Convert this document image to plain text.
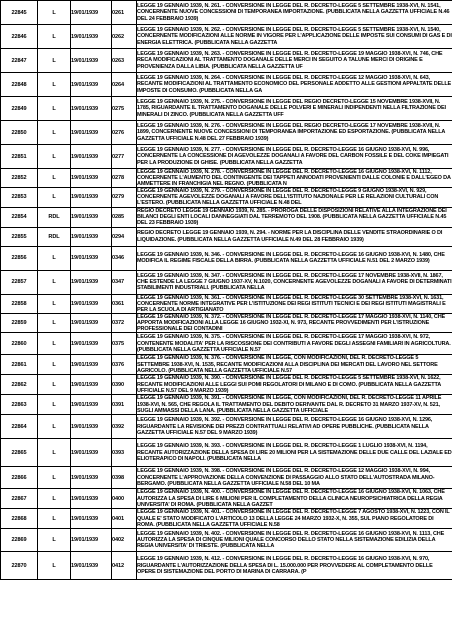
22845	L	19/01/1939	0261	LEGGE 19 GENNAIO 1939, N. 261. - CONVERSIONE IN LEGGE DEL R. DECRETO-LEGGE 5 SETTEMBRE 1938-XVI, N. 1541, CONCERNENTE NUOVE CONCESSIONI DI TEMPORANEA IMPORTAZIONE. (PUBBLICATA NELLA GAZZETTA UFFICIALE N.46 DEL 24 FEBBRAIO 1939)
22846	L	19/01/1939	0262	LEGGE 19 GENNAIO 1939, N. 262. - CONVERSIONE IN LEGGE DEL R. DECRETO-LEGGE 5 SETTEMBRE 1938-XVI, N. 1540, CONCERNENTE MODIFICAZIONI ALLE NORME IN VIGORE PER L'APPLICAZIONE DELLE IMPOSTE SUI CONSUMI DI GAS E DI ENERGIA ELETTRICA. (PUBBLICATA NELLA GAZZETTA
22847	L	19/01/1939	0263	LEGGE 19 GENNAIO 1939, N. 263. - CONVERSIONE IN LEGGE DEL R. DECRETO-LEGGE 19 MAGGIO 1938-XVI, N. 746, CHE RECA MODIFICAZIONI AL TRATTAMENTO DOGANALE DELLE MERCI IN SEGUITO A TALUNE MERCI DI ORIGINE E PROVENIENZA DALLA LIBIA. (PUBBLICATA NELLA GAZZETTA UF
22848	L	19/01/1939	0264	LEGGE 19 GENNAIO 1939, N. 264. - CONVERSIONE IN LEGGE DEL R. DECRETO-LEGGE 12 MAGGIO 1938-XVI, N. 643, RECANTE MODIFICAZIONI AL TRATTAMENTO ECONOMICO DEL PERSONALE ADDETTO ALLE GESTIONI APPALTATE DELLE IMPOSTE DI CONSUMO. (PUBBLICATA NELLA GA
22849	L	19/01/1939	0275	LEGGE 19 GENNAIO 1939, N. 275. - CONVERSIONE IN LEGGE DEL REGIO DECRETO-LEGGE 15 NOVEMBRE 1938-XVII, N. 1785, RIGUARDANTE IL TRATTAMENTO DOGANALE DELLE POLVERI E MINERALI INDIPENDENTI NELLA FILTRAZIONE DEI MINERALI DI ZINCO. (PUBBLICATA NELLA GAZZETTA UFF
22850	L	19/01/1939	0276	LEGGE 19 GENNAIO 1939, N. 276. - CONVERSIONE IN LEGGE DEL REGIO DECRETO-LEGGE 17 NOVEMBRE 1938-XVII, N. 1899, CONCERNENTE NUOVE CONCESSIONI DI TEMPORANEA IMPORTAZIONE ED ESPORTAZIONE. (PUBBLICATA NELLA GAZZETTA UFFICIALE N.48 DEL 27 FEBBRAIO 1939)
22851	L	19/01/1939	0277	LEGGE 19 GENNAIO 1939, N. 277. - CONVERSIONE IN LEGGE DEL R. DECRETO-LEGGE 16 GIUGNO 1938-XVI, N. 996, CONCERNENTE LA CONCESSIONE DI AGEVOLEZZE DOGANALI A FAVORE DEL CARBON FOSSILE E DEL COKE IMPIEGATI PER LA PRODUZIONE DI GHISE. (PUBBLICATA NELLA GAZZETTA
22852	L	19/01/1939	0278	LEGGE 19 GENNAIO 1939, N. 278. - CONVERSIONE IN LEGGE DEL R. DECRETO-LEGGE 16 GIUGNO 1938-XVI, N. 1112, CONCERNENTE L'AUMENTO DEL CONTINGENTE DEI TAPPETI ANNODATI PROVENIENTI DALLE COLONIE E DALL'EGEO DA AMMETTERE IN FRANCHIGIA NEL REGNO. (PUBBLICATA N
22853	L	19/01/1939	0279	LEGGE 19 GENNAIO 1939, N. 279. - CONVERSIONE IN LEGGE DEL R. DECRETO-LEGGE 9 GIUGNO 1938-XVI, N. 929, CONCERNENTE AGEVOLEZZE DOGANALI A FAVORE DELL'ISTITUTO NAZIONALE PER LE RELAZIONI CULTURALI CON L'ESTERO. (PUBBLICATA NELLA GAZZETTA UFFICIALE N.48 DEL
22854	RDL	19/01/1939	0285	REGIO DECRETO LEGGE 19 GENNAIO 1939, N. 285. - PROROGA DELLE DISPOSIZIONI RELATIVE ALLA INTEGRAZIONE DEI BILANCI DEGLI ENTI LOCALI DANNEGGIATI DAL TERREMOTO DEL 1908. (PUBBLICATA NELLA GAZZETTA UFFICIALE N.45 DEL 23 FEBBRAIO 1939)
22855	RDL	19/01/1939	0294	REGIO DECRETO LEGGE 19 GENNAIO 1939, N. 294. - NORME PER LA DISCIPLINA DELLE VENDITE STRAORDINARIE O DI LIQUIDAZIONE. (PUBBLICATA NELLA GAZZETTA UFFICIALE N.49 DEL 28 FEBBRAIO 1939)
22856	L	19/01/1939	0346	LEGGE 19 GENNAIO 1939, N. 346. - CONVERSIONE IN LEGGE DEL R. DECRETO-LEGGE 16 GIUGNO 1938-XVI, N. 1480, CHE MODIFICA IL REGIME FISCALE DELLA BIRRA. (PUBBLICATA NELLA GAZZETTA UFFICIALE N.51 DEL 2 MARZO 1939)
22857	L	19/01/1939	0347	LEGGE 19 GENNAIO 1939, N. 347. - CONVERSIONE IN LEGGE DEL R. DECRETO-LEGGE 17 NOVEMBRE 1938-XVII, N. 1867, CHE ESTENDE LA LEGGE 7 GIUGNO 1937-XV, N.1020, CONCERNENTE AGEVOLEZZE DOGANALI A FAVORE DI DETERMINATI STABILIMENTI INDUSTRIALI. (PUBBLICATA NELLA
22858	L	19/01/1939	0361	LEGGE 19 GENNAIO 1939, N. 361. - CONVERSIONE IN LEGGE DEL R. DECRETO-LEGGE 30 SETTEMBRE 1938-XVI, N. 1631, CONCERNENTE NORME INTEGRATIVE PER L'ISTITUZIONE DEI REGI ISTITUTI TECNICI E DEI REGI ISTITUTI MAGISTRALI E PER LA SCUOLA DI ARTIGIANATO
22859	L	19/01/1939	0372	LEGGE 19 GENNAIO 1939, N. 372. - CONVERSIONE IN LEGGE DEL R. DECRETO-LEGGE 17 MAGGIO 1938-XVI, N. 1140, CHE APPORTA MODIFICAZIONI ALLA LEGGE 16 GIUGNO 1932-XI, N. 973, RECANTE PROVVEDIMENTI PER L'ISTRUZIONE PROFESSIONALE DEI CONTADINI
22860	L	19/01/1939	0375	LEGGE 19 GENNAIO 1939, N. 375. - CONVERSIONE IN LEGGE DEL R. DECRETO-LEGGE 17 MAGGIO 1938-XVI, N. 972, CONTENENTE MODALITA' PER LA RISCOSSIONE DEI CONTRIBUTI A FAVORE DEGLI ASSEGNI FAMILIARI IN AGRICOLTURA. (PUBBLICATA NELLA GAZZETTA UFFICIALE N.57
22861	L	19/01/1939	0376	LEGGE 19 GENNAIO 1939, N. 376. - CONVERSIONE IN LEGGE, CON MODIFICAZIONI, DEL R. DECRETO-LEGGE 5 SETTEMBRE 1938-XVI, N. 1535, RECANTE MODIFICAZIONI ALLA DISCIPLINA DEI MERCATI DEL LAVORO NEL SETTORE AGRICOLO. (PUBBLICATA NELLA GAZZETTA UFFICIALE N.57
22862	L	19/01/1939	0390	LEGGE 19 GENNAIO 1939, N. 390. - CONVERSIONE IN LEGGE DEL R. DECRETO-LEGGE 5 SETTEMBRE 1938-XVI, N. 1622, RECANTE MODIFICAZIONI ALLE LEGGI SUI POMI REGOLATORI DI MILANO E DI COMO. (PUBBLICATA NELLA GAZZETTA UFFICIALE N.57 DEL 9 MARZO 1939)
22863	L	19/01/1939	0391	LEGGE 19 GENNAIO 1939, N. 391. - CONVERSIONE IN LEGGE, CON MODIFICAZIONI, DEL R. DECRETO-LEGGE 11 APRILE 1938-XVI, N. 565, CHE REGOLA IL TRATTAMENTO DEL DEBITO DERIVANTE DAL R. DECRETO 31 MARZO 1937-XV, N. 521, SUGLI AMMASSI DELLA LANA. (PUBBLICATA NELLA GAZZETTA UFFICIALE
22864	L	19/01/1939	0392	LEGGE 19 GENNAIO 1939, N. 392. - CONVERSIONE IN LEGGE DEL R. DECRETO-LEGGE 16 GIUGNO 1938-XVI, N. 1296, RIGUARDANTE LA REVISIONE DEI PREZZI CONTRATTUALI RELATIVI AD OPERE PUBBLICHE. (PUBBLICATA NELLA GAZZETTA UFFICIALE N.57 DEL 9 MARZO 1939)
22865	L	19/01/1939	0393	LEGGE 19 GENNAIO 1939, N. 393. - CONVERSIONE IN LEGGE DEL R. DECRETO-LEGGE 1 LUGLIO 1938-XVI, N. 1194, RECANTE AUTORIZZAZIONE DELLA SPESA DI LIRE 20 MILIONI PER LA SISTEMAZIONE DELLE DUE CALLE DEL LAZIALE ED ELIOTERAPICO DI NAPOLI. (PUBBLICATA NELLA
22866	L	19/01/1939	0398	LEGGE 19 GENNAIO 1939, N. 398. - CONVERSIONE IN LEGGE DEL R. DECRETO-LEGGE 12 MAGGIO 1938-XVI, N. 994, CONCERNENTE L'APPROVAZIONE DELLA CONVENZIONE DI PASSAGGIO ALLO STATO DELL'AUTOSTRADA MILANO-BERGAMO. (PUBBLICATA NELLA GAZZETTA UFFICIALE N.58 DEL 10 MA
22867	L	19/01/1939	0400	LEGGE 19 GENNAIO 1939, N. 400. - CONVERSIONE IN LEGGE DEL R. DECRETO-LEGGE 16 GIUGNO 1938-XVI, N. 1063, CHE AUTORIZZA LA SPESA DI LIRE 6 MILIONI PER IL COMPLETAMENTO DELLA CLINICA NEUROPSICHIATRICA DELLA REGIA UNIVERSITA' DI ROMA. (PUBBLICATA NELLA GAZZET
22868	L	19/01/1939	0401	LEGGE 19 GENNAIO 1939, N. 401. - CONVERSIONE IN LEGGE DEL R. DECRETO-LEGGE 7 AGOSTO 1938-XVI, N. 1223, CON IL QUALE E' STATO MODIFICATO L'ARTICOLO 13 DELLA LEGGE 24 MARZO 1932-X, N. 355, SUL PIANO REGOLATORE DI ROMA. (PUBBLICATA NELLA GAZZETTA UFFICIALE N.58
22869	L	19/01/1939	0402	LEGGE 19 GENNAIO 1939, N. 402. - CONVERSIONE IN LEGGE DEL R. DECRETO-LEGGE 16 GIUGNO 1938-XVI, N. 1113, CHE AUTORIZZA LA SPESA DI CINQUE MILIONI QUALE CONCORSO DELLO STATO NELLA SISTEMAZIONE EDILIZIA DELLA REGIA UNIVERSITA' DI TRIESTE. (PUBBLICATA NELLA
22870	L	19/01/1939	0412	LEGGE 19 GENNAIO 1939, N. 412. - CONVERSIONE IN LEGGE DEL R. DECRETO-LEGGE 16 GIUGNO 1938-XVI, N. 970, RIGUARDANTE L'AUTORIZZAZIONE DELLA SPESA DI L. 15.000.000 PER PROVVEDERE AL COMPLETAMENTO DELLE OPERE DI SISTEMAZIONE DEL PORTO DI MARINA DI CARRARA. (P
